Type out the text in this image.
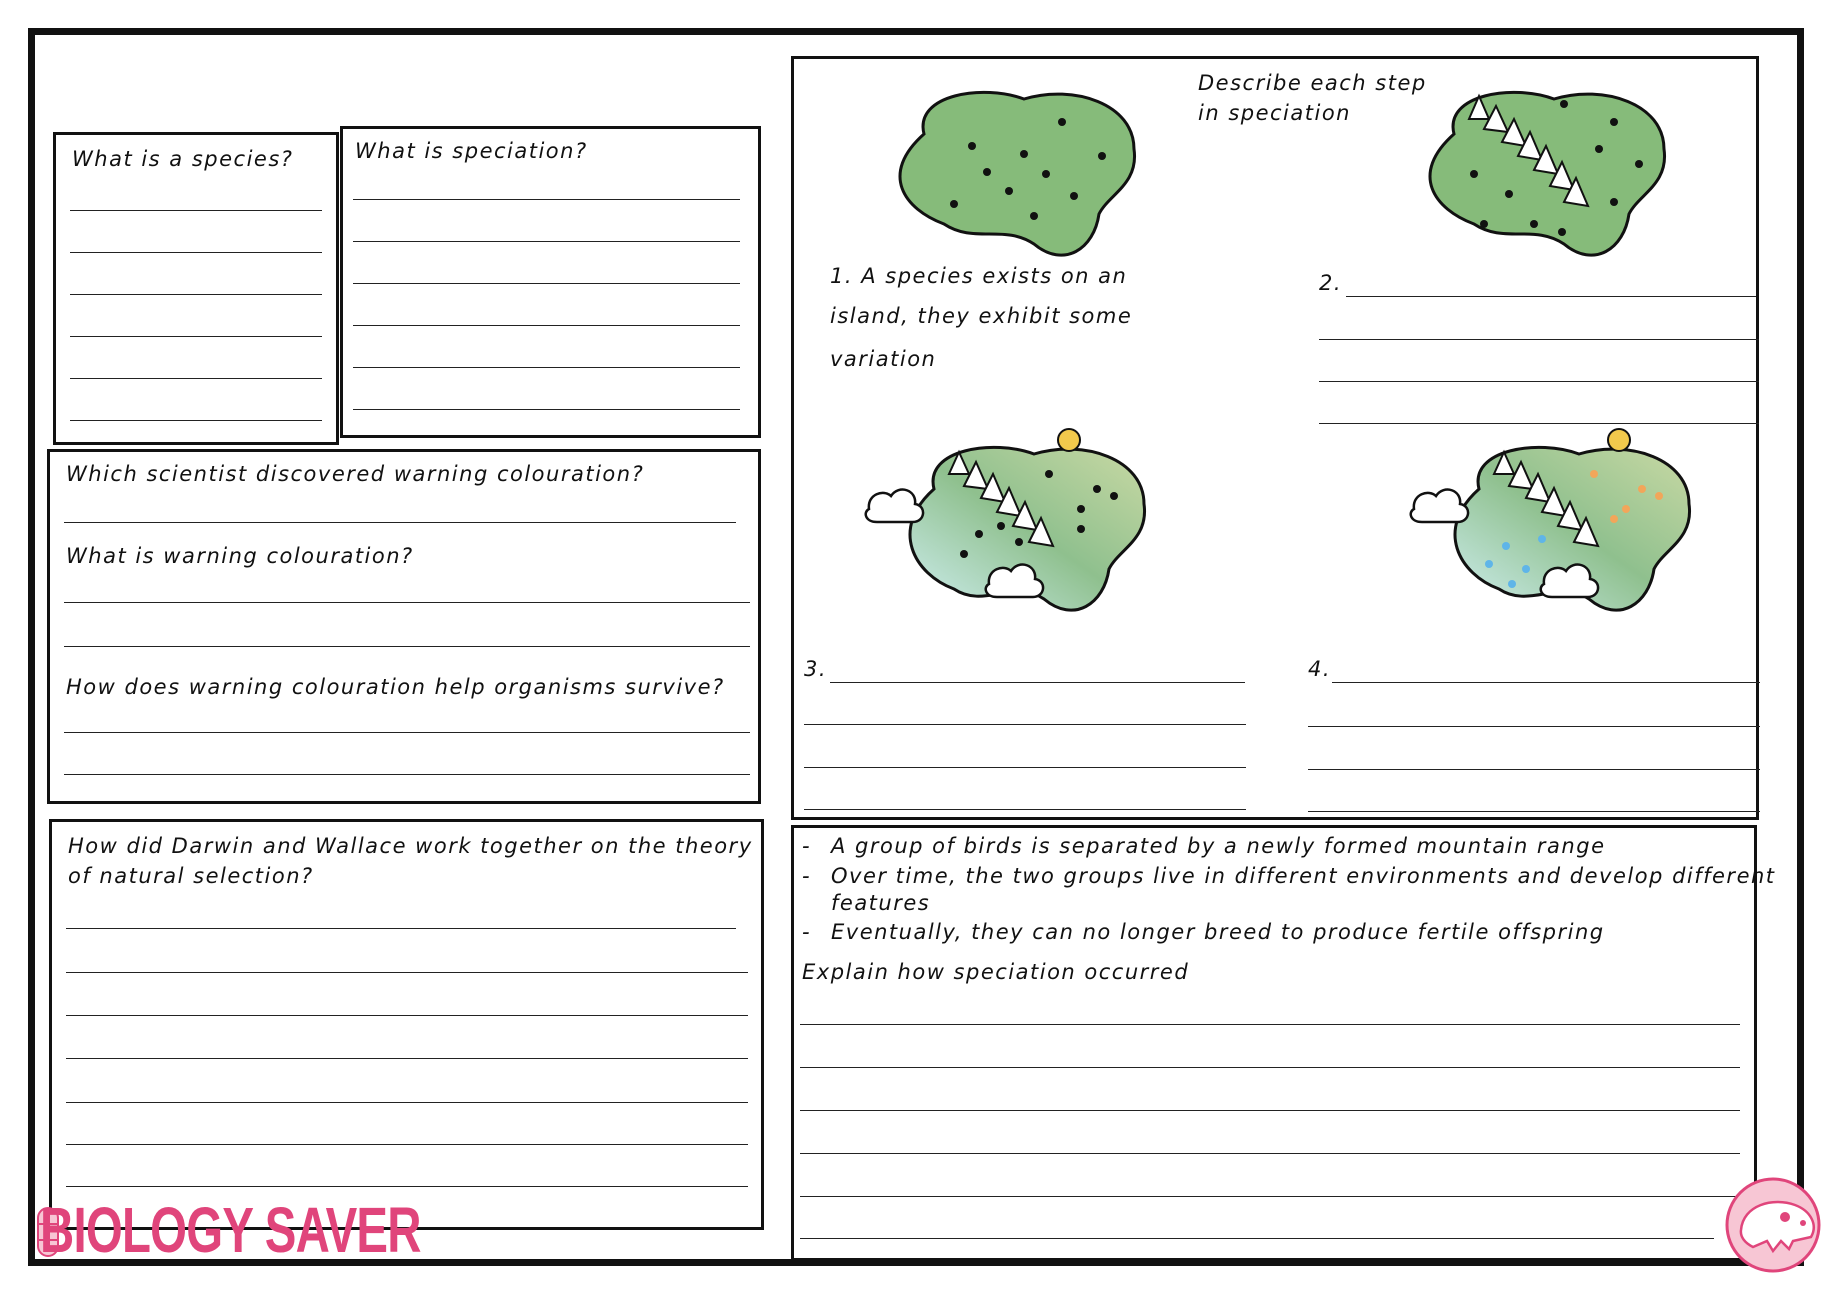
What is a species?	What is speciation?
Which scientist discovered warning colouration?
What is warning colouration?
How does warning colouration help organisms survive?
How did Darwin and Wallace work together on the theory
of natural selection?
Describe each step
in speciation
1. A species exists on an
island, they exhibit some
variation
2.
3.	4.
- A group of birds is separated by a newly formed mountain range
- Over time, the two groups live in different environments and develop different
features
- Eventually, they can no longer breed to produce fertile offspring
Explain how speciation occurred
BIOLOGY SAVER
